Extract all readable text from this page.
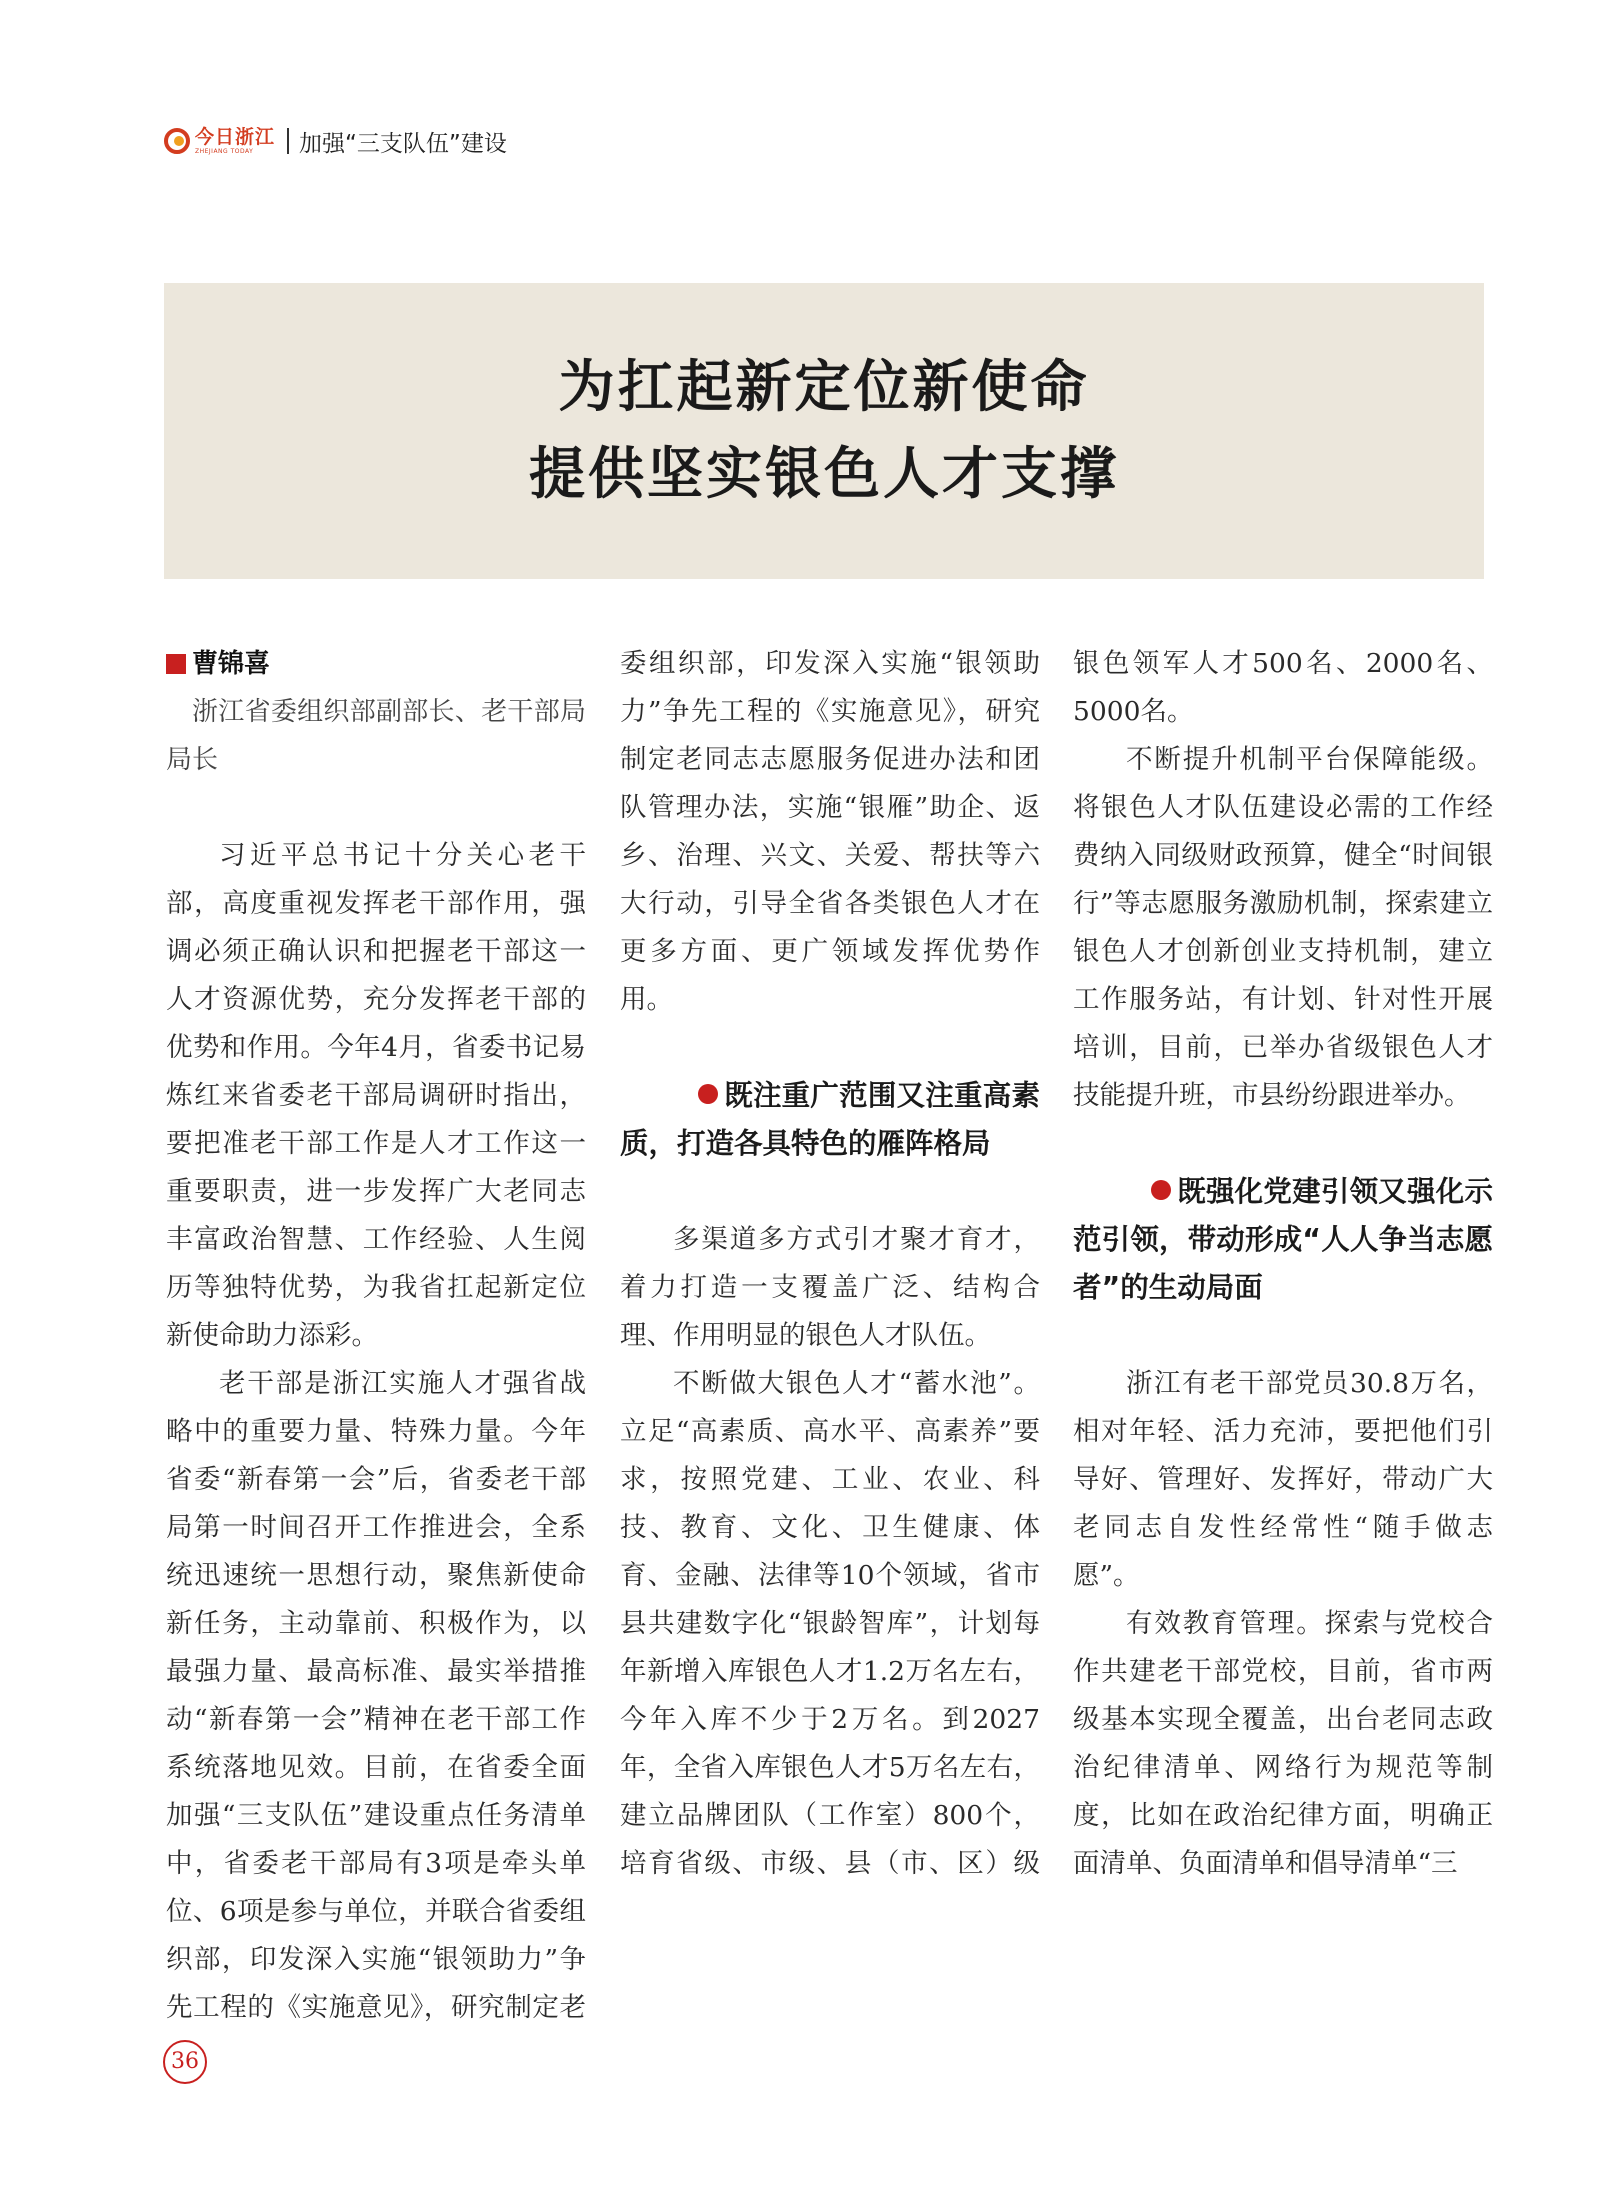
今日浙江
ZHEJIANG TODAY	加强“三支队伍”建设
为扛起新定位新使命
提供坚实银色人才支撑
曹锦喜

浙江省委组织部副部长、老干部局局长

习近平总书记十分关心老干部，高度重视发挥老干部作用，强调必须正确认识和把握老干部这一人才资源优势，充分发挥老干部的优势和作用。今年4月，省委书记易炼红来省委老干部局调研时指出，要把准老干部工作是人才工作这一重要职责，进一步发挥广大老同志丰富政治智慧、工作经验、人生阅历等独特优势，为我省扛起新定位新使命助力添彩。

老干部是浙江实施人才强省战略中的重要力量、特殊力量。今年省委“新春第一会”后，省委老干部局第一时间召开工作推进会，全系统迅速统一思想行动，聚焦新使命新任务，主动靠前、积极作为，以最强力量、最高标准、最实举措推动“新春第一会”精神在老干部工作系统落地见效。目前，在省委全面加强“三支队伍”建设重点任务清单中，省委老干部局有3项是牵头单位、6项是参与单位，并联合省委组织部，印发深入实施“银领助力”争先工程的《实施意见》，研究制定老

委组织部，印发深入实施“银领助力”争先工程的《实施意见》，研究制定老同志志愿服务促进办法和团队管理办法，实施“银雁”助企、返乡、治理、兴文、关爱、帮扶等六大行动，引导全省各类银色人才在更多方面、更广领域发挥优势作用。

既注重广范围又注重高素质，打造各具特色的雁阵格局

多渠道多方式引才聚才育才，着力打造一支覆盖广泛、结构合理、作用明显的银色人才队伍。

不断做大银色人才“蓄水池”。立足“高素质、高水平、高素养”要求，按照党建、工业、农业、科技、教育、文化、卫生健康、体育、金融、法律等10个领域，省市县共建数字化“银龄智库”，计划每年新增入库银色人才1.2万名左右，今年入库不少于2万名。到2027年，全省入库银色人才5万名左右，建立品牌团队（工作室）800个，培育省级、市级、县（市、区）级

银色领军人才500名、2000名、5000名。

不断提升机制平台保障能级。将银色人才队伍建设必需的工作经费纳入同级财政预算，健全“时间银行”等志愿服务激励机制，探索建立银色人才创新创业支持机制，建立工作服务站，有计划、针对性开展培训，目前，已举办省级银色人才技能提升班，市县纷纷跟进举办。

既强化党建引领又强化示范引领，带动形成“人人争当志愿者”的生动局面

浙江有老干部党员30.8万名，相对年轻、活力充沛，要把他们引导好、管理好、发挥好，带动广大老同志自发性经常性“随手做志愿”。

有效教育管理。探索与党校合作共建老干部党校，目前，省市两级基本实现全覆盖，出台老同志政治纪律清单、网络行为规范等制度，比如在政治纪律方面，明确正面清单、负面清单和倡导清单“三

36
